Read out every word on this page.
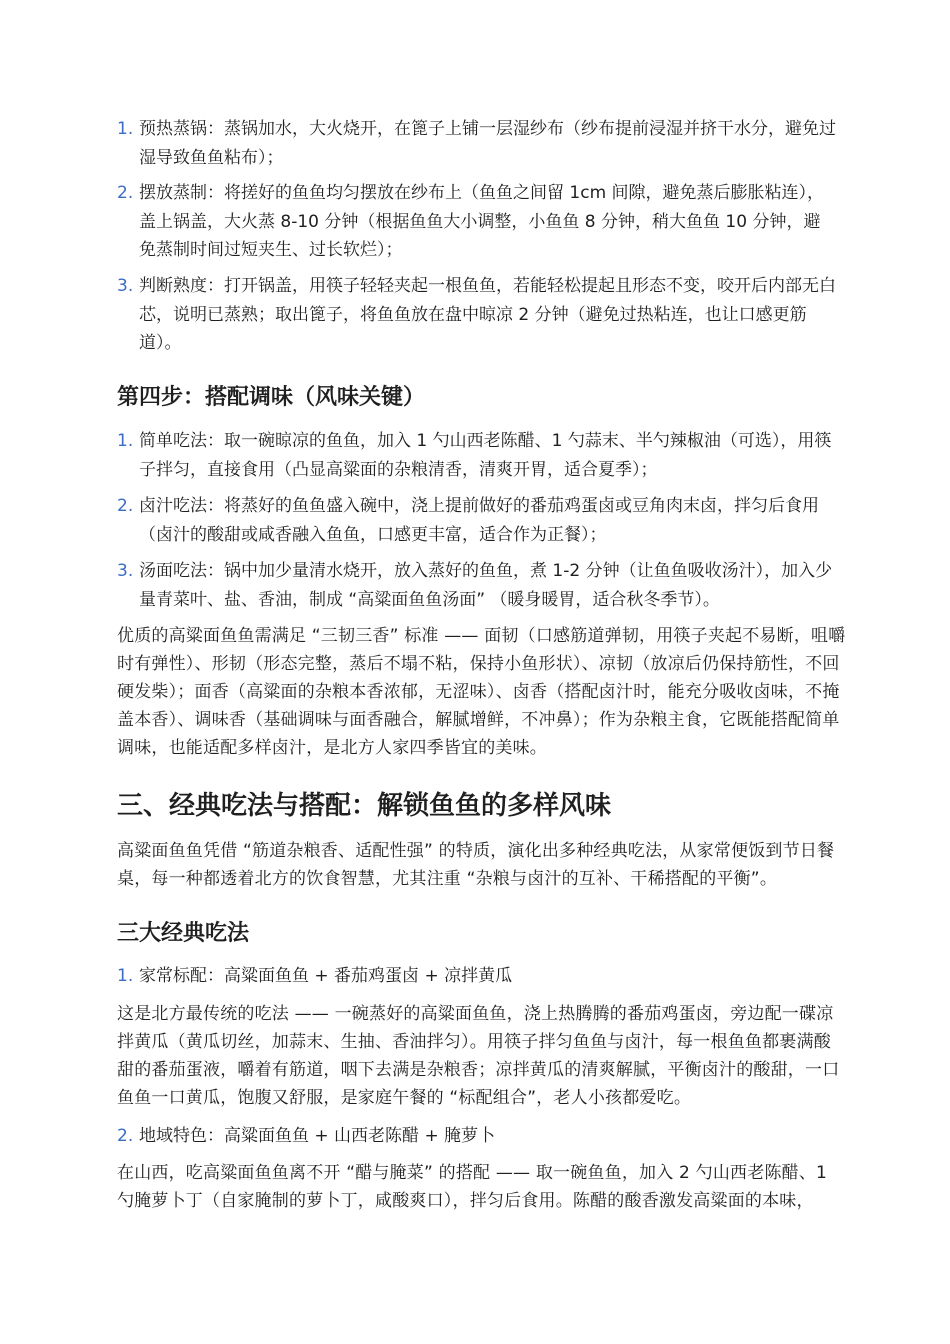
1. 预热蒸锅：蒸锅加水，大火烧开，在篦子上铺一层湿纱布（纱布提前浸湿并挤干水分，避免过湿导致鱼鱼粘布）；
2. 摆放蒸制：将搓好的鱼鱼均匀摆放在纱布上（鱼鱼之间留 1cm 间隙，避免蒸后膨胀粘连），盖上锅盖，大火蒸 8-10 分钟（根据鱼鱼大小调整，小鱼鱼 8 分钟，稍大鱼鱼 10 分钟，避免蒸制时间过短夹生、过长软烂）；
3. 判断熟度：打开锅盖，用筷子轻轻夹起一根鱼鱼，若能轻松提起且形态不变，咬开后内部无白芯，说明已蒸熟；取出篦子，将鱼鱼放在盘中晾凉 2 分钟（避免过热粘连，也让口感更筋道）。
第四步：搭配调味（风味关键）
1. 简单吃法：取一碗晾凉的鱼鱼，加入 1 勺山西老陈醋、1 勺蒜末、半勺辣椒油（可选），用筷子拌匀，直接食用（凸显高粱面的杂粮清香，清爽开胃，适合夏季）；
2. 卤汁吃法：将蒸好的鱼鱼盛入碗中，浇上提前做好的番茄鸡蛋卤或豆角肉末卤，拌匀后食用（卤汁的酸甜或咸香融入鱼鱼，口感更丰富，适合作为正餐）；
3. 汤面吃法：锅中加少量清水烧开，放入蒸好的鱼鱼，煮 1-2 分钟（让鱼鱼吸收汤汁），加入少量青菜叶、盐、香油，制成 “高粱面鱼鱼汤面” （暖身暖胃，适合秋冬季节）。

优质的高粱面鱼鱼需满足 “三韧三香” 标准 —— 面韧（口感筋道弹韧，用筷子夹起不易断，咀嚼时有弹性）、形韧（形态完整，蒸后不塌不粘，保持小鱼形状）、凉韧（放凉后仍保持筋性，不回硬发柴）；面香（高粱面的杂粮本香浓郁，无涩味）、卤香（搭配卤汁时，能充分吸收卤味，不掩盖本香）、调味香（基础调味与面香融合，解腻增鲜，不冲鼻）；作为杂粮主食，它既能搭配简单调味，也能适配多样卤汁，是北方人家四季皆宜的美味。

三、经典吃法与搭配：解锁鱼鱼的多样风味

高粱面鱼鱼凭借 “筋道杂粮香、适配性强” 的特质，演化出多种经典吃法，从家常便饭到节日餐桌，每一种都透着北方的饮食智慧，尤其注重 “杂粮与卤汁的互补、干稀搭配的平衡”。

三大经典吃法
1. 家常标配：高粱面鱼鱼 + 番茄鸡蛋卤 + 凉拌黄瓜

这是北方最传统的吃法 —— 一碗蒸好的高粱面鱼鱼，浇上热腾腾的番茄鸡蛋卤，旁边配一碟凉拌黄瓜（黄瓜切丝，加蒜末、生抽、香油拌匀）。用筷子拌匀鱼鱼与卤汁，每一根鱼鱼都裹满酸甜的番茄蛋液，嚼着有筋道，咽下去满是杂粮香；凉拌黄瓜的清爽解腻，平衡卤汁的酸甜，一口鱼鱼一口黄瓜，饱腹又舒服，是家庭午餐的 “标配组合”，老人小孩都爱吃。

2. 地域特色：高粱面鱼鱼 + 山西老陈醋 + 腌萝卜

在山西，吃高粱面鱼鱼离不开 “醋与腌菜” 的搭配 —— 取一碗鱼鱼，加入 2 勺山西老陈醋、1 勺腌萝卜丁（自家腌制的萝卜丁，咸酸爽口），拌匀后食用。陈醋的酸香激发高粱面的本味，
